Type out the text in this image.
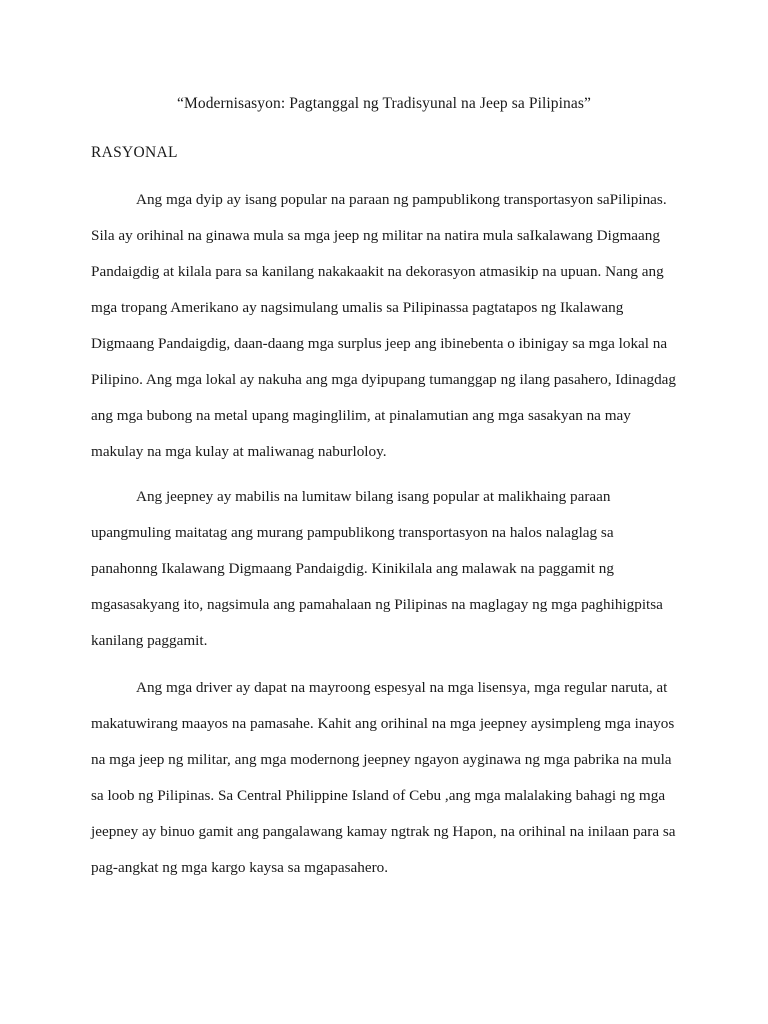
“Modernisasyon: Pagtanggal ng Tradisyunal na Jeep sa Pilipinas”
RASYONAL
Ang mga dyip ay isang popular na paraan ng pampublikong transportasyon saPilipinas.
Sila ay orihinal na ginawa mula sa mga jeep ng militar na natira mula saIkalawang Digmaang
Pandaigdig at kilala para sa kanilang nakakaakit na dekorasyon atmasikip na upuan. Nang ang
mga tropang Amerikano ay nagsimulang umalis sa Pilipinassa pagtatapos ng Ikalawang
Digmaang Pandaigdig, daan-daang mga surplus jeep ang ibinebenta o ibinigay sa mga lokal na
Pilipino. Ang mga lokal ay nakuha ang mga dyipupang tumanggap ng ilang pasahero, Idinagdag
ang mga bubong na metal upang maginglilim, at pinalamutian ang mga sasakyan na may
makulay na mga kulay at maliwanag naburloloy.
Ang jeepney ay mabilis na lumitaw bilang isang popular at malikhaing paraan
upangmuling maitatag ang murang pampublikong transportasyon na halos nalaglag sa
panahonng Ikalawang Digmaang Pandaigdig. Kinikilala ang malawak na paggamit ng
mgasasakyang ito, nagsimula ang pamahalaan ng Pilipinas na maglagay ng mga paghihigpitsa
kanilang paggamit.
Ang mga driver ay dapat na mayroong espesyal na mga lisensya, mga regular naruta, at
makatuwirang maayos na pamasahe. Kahit ang orihinal na mga jeepney aysimpleng mga inayos
na mga jeep ng militar, ang mga modernong jeepney ngayon ayginawa ng mga pabrika na mula
sa loob ng Pilipinas. Sa Central Philippine Island of Cebu ,ang mga malalaking bahagi ng mga
jeepney ay binuo gamit ang pangalawang kamay ngtrak ng Hapon, na orihinal na inilaan para sa
pag-angkat ng mga kargo kaysa sa mgapasahero.
